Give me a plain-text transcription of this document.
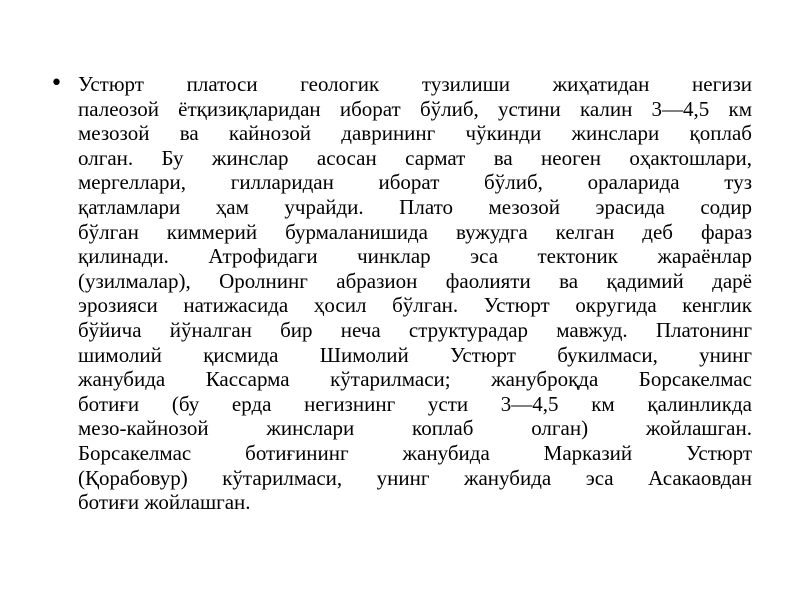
• Устюрт платоси геологик тузилиши жиҳатидан негизи
палеозой ётқизиқларидан иборат бўлиб, устини калин 3—4,5 км
мезозой ва кайнозой даврининг чўкинди жинслари қоплаб
олган. Бу жинслар асосан сармат ва неоген оҳактошлари,
мергеллари, гилларидан иборат бўлиб, ораларида туз
қатламлари ҳам учрайди. Плато мезозой эрасида содир
бўлган киммерий бурмаланишида вужудга келган деб фараз
қилинади. Атрофидаги чинклар эса тектоник жараёнлар
(узилмалар), Оролнинг абразион фаолияти ва қадимий дарё
эрозияси натижасида ҳосил бўлган. Устюрт округида кенглик
бўйича йўналган бир неча структурадар мавжуд. Платонинг
шимолий қисмида Шимолий Устюрт букилмаси, унинг
жанубида Кассарма кўтарилмаси; жануброқда Борсакелмас
ботиғи (бу ерда негизнинг усти 3—4,5 км қалинликда
мезо-кайнозой жинслари коплаб олган) жойлашган.
Борсакелмас ботиғининг жанубида Марказий Устюрт
(Қорабовур) кўтарилмаси, унинг жанубида эса Асакаовдан
ботиғи жойлашган.
